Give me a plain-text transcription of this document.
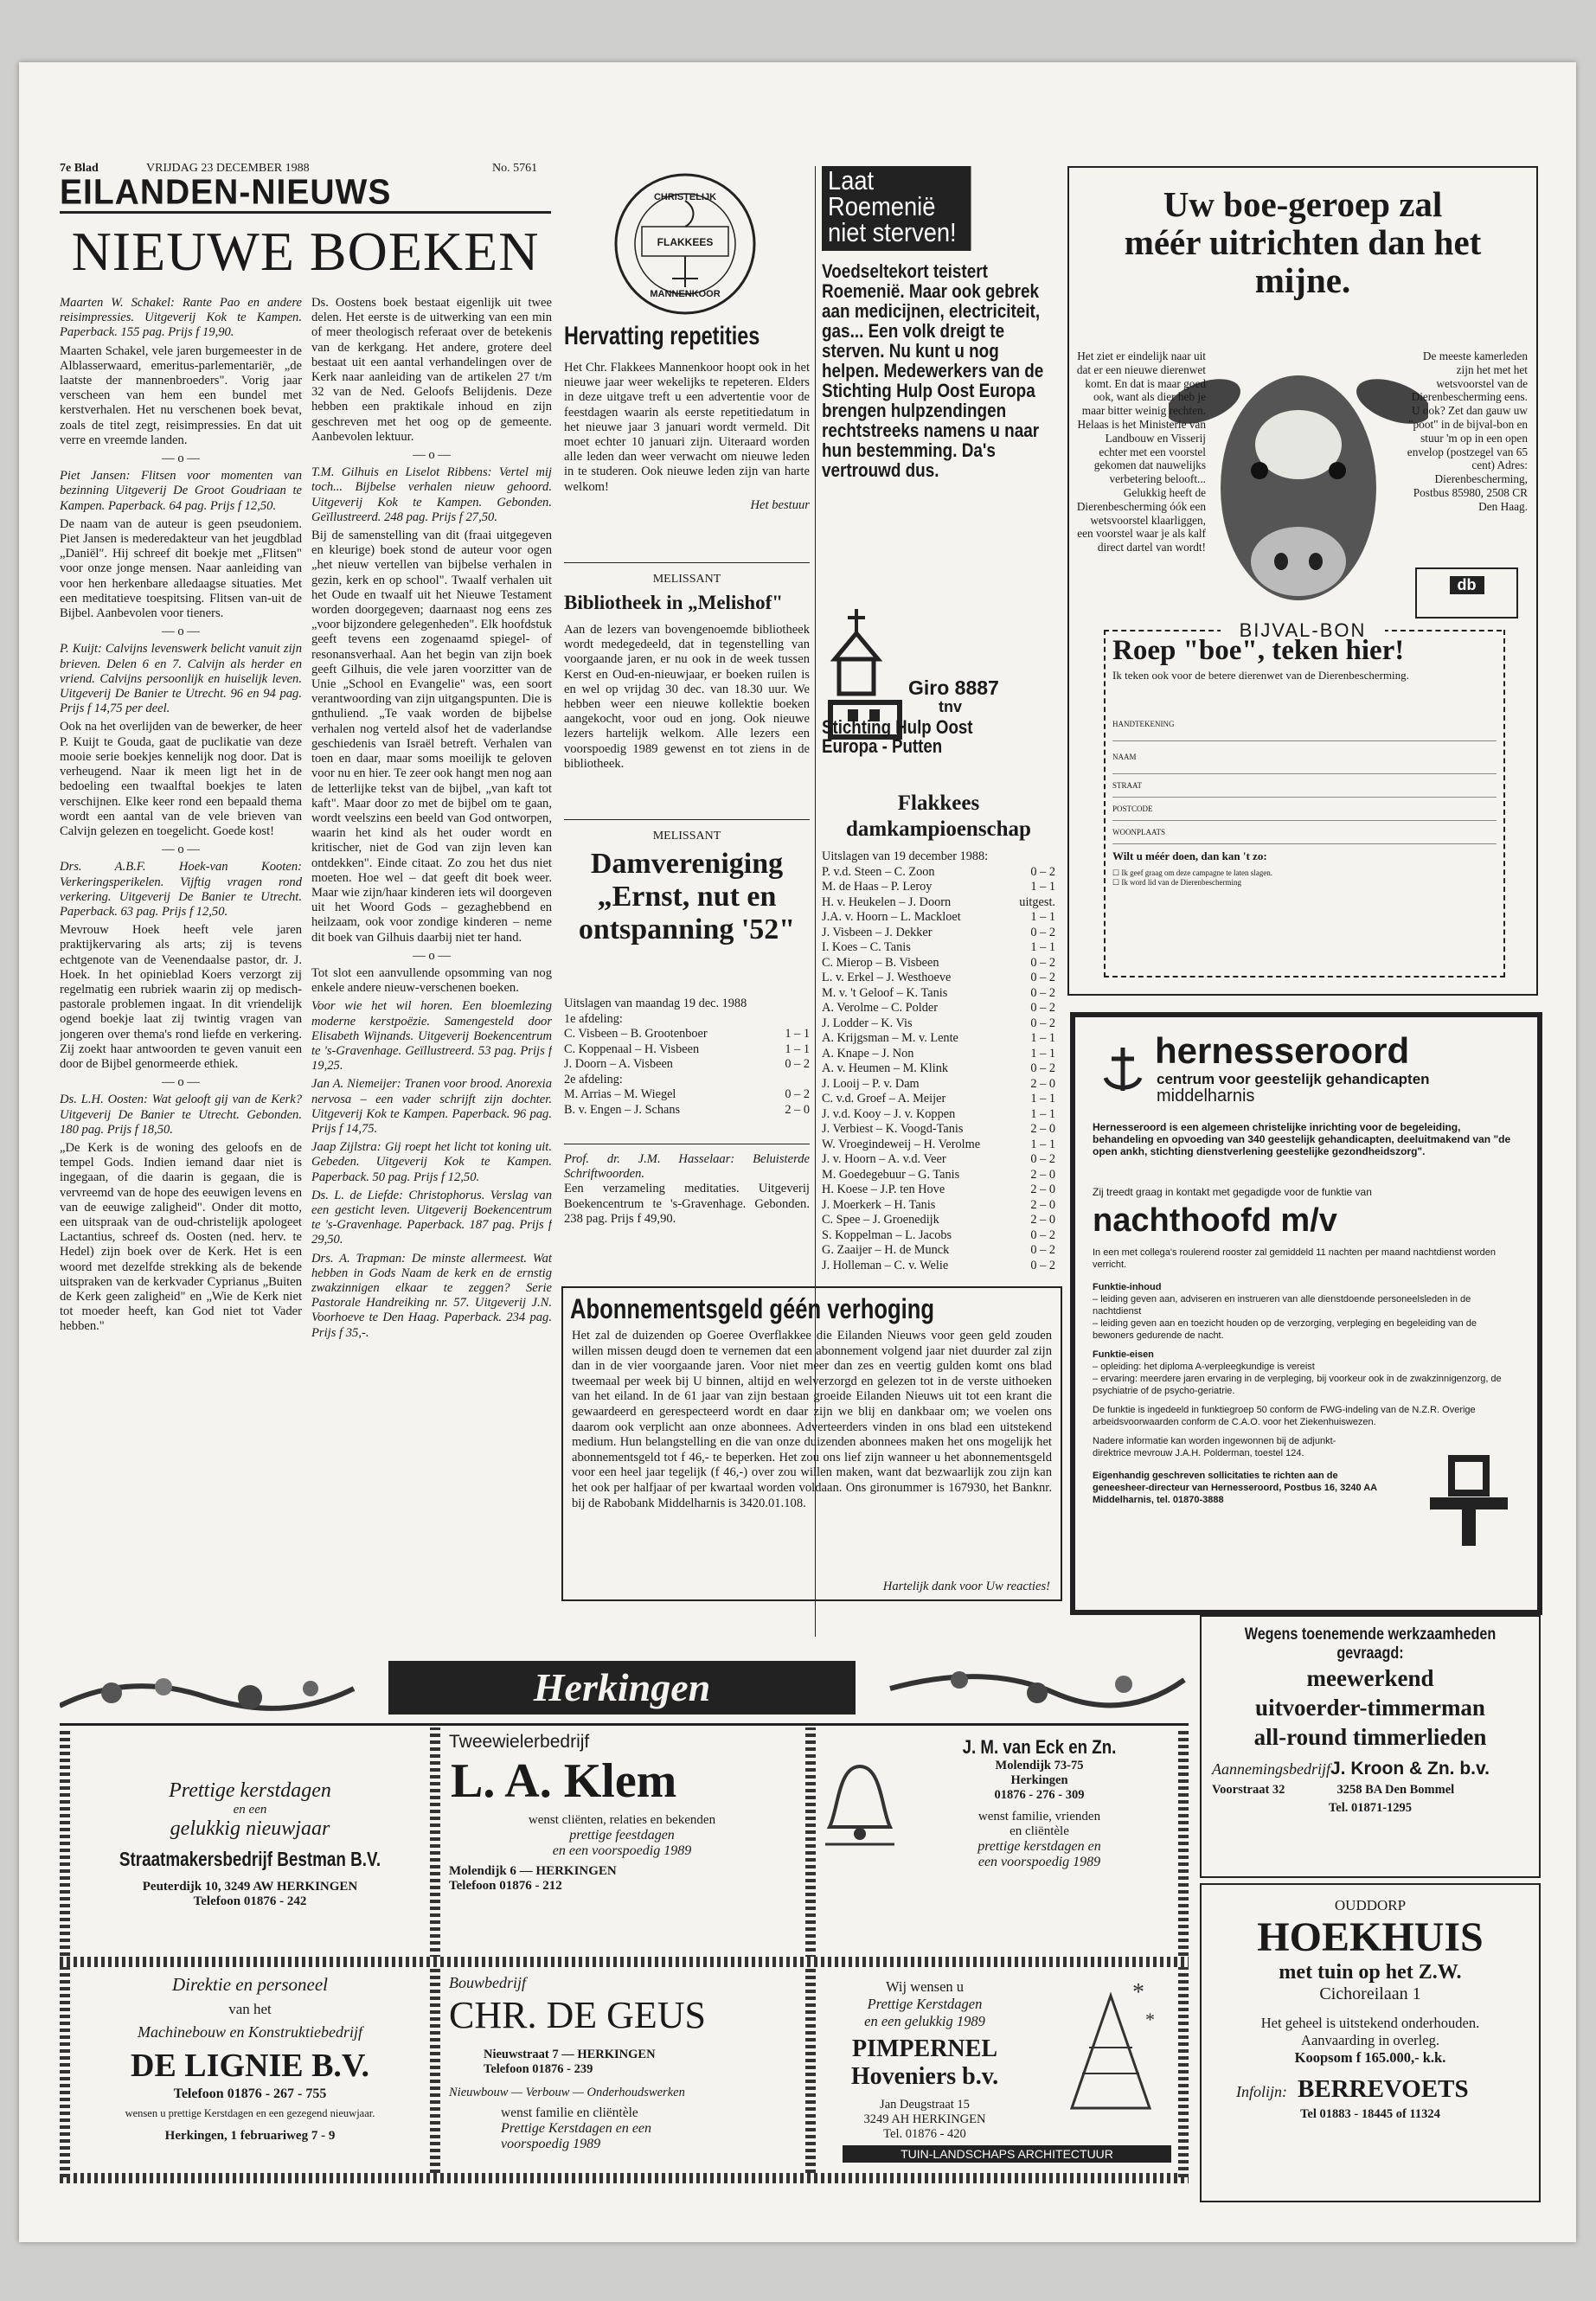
7e Blad	VRIJDAG 23 DECEMBER 1988	No. 5761
EILANDEN-NIEUWS
NIEUWE BOEKEN

Maarten W. Schakel: Rante Pao en andere reisimpressies. Uitgeverij Kok te Kampen. Paperback. 155 pag. Prijs f 19,90.

Maarten Schakel, vele jaren burgemeester in de Alblasserwaard, emeritus-parlementariër, „de laatste der mannenbroeders". Vorig jaar verscheen van hem een bundel met kerstverhalen. Het nu verschenen boek bevat, zoals de titel zegt, reisimpressies. En dat uit verre en vreemde landen.

— o —

Piet Jansen: Flitsen voor momenten van bezinning Uitgeverij De Groot Goudriaan te Kampen. Paperback. 64 pag. Prijs f 12,50.

De naam van de auteur is geen pseudoniem. Piet Jansen is mederedakteur van het jeugdblad „Daniël". Hij schreef dit boekje met „Flitsen" voor onze jonge mensen. Naar aanleiding van voor hen herkenbare alledaagse situaties. Met een meditatieve toespitsing. Flitsen van-uit de Bijbel. Aanbevolen voor tieners.

— o —

P. Kuijt: Calvijns levenswerk belicht vanuit zijn brieven. Delen 6 en 7. Calvijn als herder en vriend. Calvijns persoonlijk en huiselijk leven. Uitgeverij De Banier te Utrecht. 96 en 94 pag. Prijs f 14,75 per deel.

Ook na het overlijden van de bewerker, de heer P. Kuijt te Gouda, gaat de puclikatie van deze mooie serie boekjes kennelijk nog door. Dat is verheugend. Naar ik meen ligt het in de bedoeling een twaalftal boekjes te laten verschijnen. Elke keer rond een bepaald thema wordt een aantal van de vele brieven van Calvijn gelezen en toegelicht. Goede kost!

— o —

Drs. A.B.F. Hoek-van Kooten: Verkeringsperikelen. Vijftig vragen rond verkering. Uitgeverij De Banier te Utrecht. Paperback. 63 pag. Prijs f 12,50.

Mevrouw Hoek heeft vele jaren praktijkervaring als arts; zij is tevens echtgenote van de Veenendaalse pastor, dr. J. Hoek. In het opinieblad Koers verzorgt zij regelmatig een rubriek waarin zij op medisch-pastorale problemen ingaat. In dit vriendelijk ogend boekje laat zij twintig vragen van jongeren over thema's rond liefde en verkering. Zij zoekt haar antwoorden te geven vanuit een door de Bijbel genormeerde ethiek.

— o —

Ds. L.H. Oosten: Wat gelooft gij van de Kerk? Uitgeverij De Banier te Utrecht. Gebonden. 180 pag. Prijs f 18,50.

„De Kerk is de woning des geloofs en de tempel Gods. Indien iemand daar niet is ingegaan, of die daarin is gegaan, die is vervreemd van de hope des eeuwigen levens en van de eeuwige zaligheid". Onder dit motto, een uitspraak van de oud-christelijk apologeet Lactantius, schreef ds. Oosten (ned. herv. te Hedel) zijn boek over de Kerk. Het is een woord met dezelfde strekking als de bekende uitspraken van de kerkvader Cyprianus „Buiten de Kerk geen zaligheid" en „Wie de Kerk niet tot moeder heeft, kan God niet tot Vader hebben."

Ds. Oostens boek bestaat eigenlijk uit twee delen. Het eerste is de uitwerking van een min of meer theologisch referaat over de betekenis van de kerkgang. Het andere, grotere deel bestaat uit een aantal verhandelingen over de Kerk naar aanleiding van de artikelen 27 t/m 32 van de Ned. Geloofs Belijdenis. Deze hebben een praktikale inhoud en zijn geschreven met het oog op de gemeente. Aanbevolen lektuur.

— o —

T.M. Gilhuis en Liselot Ribbens: Vertel mij toch... Bijbelse verhalen nieuw gehoord. Uitgeverij Kok te Kampen. Gebonden. Geïllustreerd. 248 pag. Prijs f 27,50.

Bij de samenstelling van dit (fraai uitgegeven en kleurige) boek stond de auteur voor ogen „het nieuw vertellen van bijbelse verhalen in gezin, kerk en op school". Twaalf verhalen uit het Oude en twaalf uit het Nieuwe Testament worden doorgegeven; daarnaast nog eens zes „voor bijzondere gelegenheden". Elk hoofdstuk geeft tevens een zogenaamd spiegel- of resonansverhaal. Aan het begin van zijn boek geeft Gilhuis, die vele jaren voorzitter van de Unie „School en Evangelie" was, een soort verantwoording van zijn uitgangspunten. Die is gnthuliend. „Te vaak worden de bijbelse verhalen nog verteld alsof het de vaderlandse geschiedenis van Israël betreft. Verhalen van toen en daar, maar soms moeilijk te geloven voor nu en hier. Te zeer ook hangt men nog aan de letterlijke tekst van de bijbel, „van kaft tot kaft". Maar door zo met de bijbel om te gaan, wordt veelszins een beeld van God ontworpen, waarin het kind als het ouder wordt en kritischer, niet de God van zijn leven kan ontdekken". Einde citaat. Zo zou het dus niet moeten. Hoe wel – dat geeft dit boek weer. Maar wie zijn/haar kinderen iets wil doorgeven uit het Woord Gods – gezaghebbend en heilzaam, ook voor zondige kinderen – neme dit boek van Gilhuis daarbij niet ter hand.

— o —

Tot slot een aanvullende opsomming van nog enkele andere nieuw-verschenen boeken.

Voor wie het wil horen. Een bloemlezing moderne kerstpoëzie. Samengesteld door Elisabeth Wijnands. Uitgeverij Boekencentrum te 's-Gravenhage. Geïllustreerd. 53 pag. Prijs f 19,25.

Jan A. Niemeijer: Tranen voor brood. Anorexia nervosa – een vader schrijft zijn dochter. Uitgeverij Kok te Kampen. Paperback. 96 pag. Prijs f 14,75.

Jaap Zijlstra: Gij roept het licht tot koning uit. Gebeden. Uitgeverij Kok te Kampen. Paperback. 50 pag. Prijs f 12,50.

Ds. L. de Liefde: Christophorus. Verslag van een gesticht leven. Uitgeverij Boekencentrum te 's-Gravenhage. Paperback. 187 pag. Prijs f 29,50.

Drs. A. Trapman: De minste allermeest. Wat hebben in Gods Naam de kerk en de ernstig zwakzinnigen elkaar te zeggen? Serie Pastorale Handreiking nr. 57. Uitgeverij J.N. Voorhoeve te Den Haag. Paperback. 234 pag. Prijs f 35,-.

CHRISTELIJK
FLAKKEES
MANNENKOOR
Hervatting repetities

Het Chr. Flakkees Mannenkoor hoopt ook in het nieuwe jaar weer wekelijks te repeteren. Elders in deze uitgave treft u een advertentie voor de feestdagen waarin als eerste repetitiedatum in het nieuwe jaar 3 januari wordt vermeld. Dit moet echter 10 januari zijn. Uiteraard worden alle leden dan weer verwacht om nieuwe leden in te studeren. Ook nieuwe leden zijn van harte welkom!

Het bestuur

MELISSANT
Bibliotheek in „Melishof"
Aan de lezers van bovengenoemde bibliotheek wordt medegedeeld, dat in tegenstelling van voorgaande jaren, er nu ook in de week tussen Kerst en Oud-en-nieuwjaar, er boeken ruilen is en wel op vrijdag 30 dec. van 18.30 uur. We hebben weer een nieuwe kollektie boeken aangekocht, voor oud en jong. Ook nieuwe lezers hartelijk welkom. Alle lezers een voorspoedig 1989 gewenst en tot ziens in de bibliotheek.
MELISSANT
Damvereniging „Ernst, nut en ontspanning '52"
Uitslagen van maandag 19 dec. 1988
1e afdeling:
C. Visbeen – B. Grootenboer	1 – 1
C. Koppenaal – H. Visbeen	1 – 1
J. Doorn – A. Visbeen	0 – 2
2e afdeling:
M. Arrias – M. Wiegel	0 – 2
B. v. Engen – J. Schans	2 – 0

Prof. dr. J.M. Hasselaar: Beluisterde Schriftwoorden.

Een verzameling meditaties. Uitgeverij Boekencentrum te 's-Gravenhage. Gebonden. 238 pag. Prijs f 49,90.

Laat Roemenië niet sterven!
Voedseltekort teistert Roemenië. Maar ook gebrek aan medicijnen, electriciteit, gas... Een volk dreigt te sterven. Nu kunt u nog helpen. Medewerkers van de Stichting Hulp Oost Europa brengen hulpzendingen rechtstreeks namens u naar hun bestemming. Da's vertrouwd dus.
Giro 8887
tnv
Stichting Hulp Oost Europa - Putten
Flakkees damkampioenschap
Uitslagen van 19 december 1988:
P. v.d. Steen – C. Zoon	0 – 2
M. de Haas – P. Leroy	1 – 1
H. v. Heukelen – J. Doorn	uitgest.
J.A. v. Hoorn – L. Mackloet	1 – 1
J. Visbeen – J. Dekker	0 – 2
I. Koes – C. Tanis	1 – 1
C. Mierop – B. Visbeen	0 – 2
L. v. Erkel – J. Westhoeve	0 – 2
M. v. 't Geloof – K. Tanis	0 – 2
A. Verolme – C. Polder	0 – 2
J. Lodder – K. Vis	0 – 2
A. Krijgsman – M. v. Lente	1 – 1
A. Knape – J. Non	1 – 1
A. v. Heumen – M. Klink	0 – 2
J. Looij – P. v. Dam	2 – 0
C. v.d. Groef – A. Meijer	1 – 1
J. v.d. Kooy – J. v. Koppen	1 – 1
J. Verbiest – K. Voogd-Tanis	2 – 0
W. Vroegindeweij – H. Verolme	1 – 1
J. v. Hoorn – A. v.d. Veer	0 – 2
M. Goedegebuur – G. Tanis	2 – 0
H. Koese – J.P. ten Hove	2 – 0
J. Moerkerk – H. Tanis	2 – 0
C. Spee – J. Groenedijk	2 – 0
S. Koppelman – L. Jacobs	0 – 2
G. Zaaijer – H. de Munck	0 – 2
J. Holleman – C. v. Welie	0 – 2
Abonnementsgeld géén verhoging
Het zal de duizenden op Goeree Overflakkee die Eilanden Nieuws voor geen geld zouden willen missen deugd doen te vernemen dat een abonnement volgend jaar niet duurder zal zijn dan in de vier voorgaande jaren. Voor niet meer dan zes en veertig gulden komt ons blad tweemaal per week bij U binnen, altijd en welverzorgd en gelezen tot in de verste uithoeken van het eiland. In de 61 jaar van zijn bestaan groeide Eilanden Nieuws uit tot een krant die gewaardeerd en gerespecteerd wordt en daar zijn we blij en dankbaar om; we voelen ons daarom ook verplicht aan onze abonnees. Adverteerders vinden in ons blad een uitstekend medium. Hun belangstelling en die van onze duizenden abonnees maken het ons mogelijk het abonnementsgeld tot f 46,- te beperken. Het zou ons lief zijn wanneer u het abonnementsgeld voor een heel jaar tegelijk (f 46,-) over zou willen maken, want dat bezwaarlijk zou zijn kan het ook per halfjaar of per kwartaal worden voldaan. Ons gironummer is 167930, het Banknr. bij de Rabobank Middelharnis is 3420.01.108.
Hartelijk dank voor Uw reacties!
Uw boe-geroep zal méér uitrichten dan het mijne.
Het ziet er eindelijk naar uit dat er een nieuwe dierenwet komt. En dat is maar goed ook, want als dier heb je maar bitter weinig rechten. Helaas is het Ministerie van Landbouw en Visserij echter met een voorstel gekomen dat nauwelijks verbetering belooft... Gelukkig heeft de Dierenbescherming óók een wetsvoorstel klaarliggen, een voorstel waar je als kalf direct dartel van wordt!
De meeste kamerleden zijn het met het wetsvoorstel van de Dierenbescherming eens. U ook? Zet dan gauw uw "poot" in de bijval-bon en stuur 'm op in een open envelop (postzegel van 65 cent) Adres: Dierenbescherming, Postbus 85980, 2508 CR Den Haag.
db
BIJVAL-BON
Roep "boe", teken hier!
Ik teken ook voor de betere dierenwet van de Dierenbescherming.
HANDTEKENING
NAAM
STRAAT
POSTCODE
WOONPLAATS
Wilt u méér doen, dan kan 't zo:
☐ Ik geef graag om deze campagne te laten slagen.
☐ Ik word lid van de Dierenbescherming
hernesseroord
centrum voor geestelijk gehandicapten
middelharnis
Hernesseroord is een algemeen christelijke inrichting voor de begeleiding, behandeling en opvoeding van 340 geestelijk gehandicapten, deeluitmakend van "de open ankh, stichting dienstverlening geestelijke gezondheidszorg".
Zij treedt graag in kontakt met gegadigde voor de funktie van
nachthoofd m/v
In een met collega's roulerend rooster zal gemiddeld 11 nachten per maand nachtdienst worden verricht.
Funktie-inhoud
– leiding geven aan, adviseren en instrueren van alle dienstdoende personeelsleden in de nachtdienst
– leiding geven aan en toezicht houden op de verzorging, verpleging en begeleiding van de bewoners gedurende de nacht.
Funktie-eisen
– opleiding: het diploma A-verpleegkundige is vereist
– ervaring: meerdere jaren ervaring in de verpleging, bij voorkeur ook in de zwakzinnigenzorg, de psychiatrie of de psycho-geriatrie.
De funktie is ingedeeld in funktiegroep 50 conform de FWG-indeling van de N.Z.R. Overige arbeidsvoorwaarden conform de C.A.O. voor het Ziekenhuiswezen.
Nadere informatie kan worden ingewonnen bij de adjunkt-direktrice mevrouw J.A.H. Polderman, toestel 124.
Eigenhandig geschreven sollicitaties te richten aan de geneesheer-directeur van Hernesseroord, Postbus 16, 3240 AA Middelharnis, tel. 01870-3888
Herkingen
Prettige kerstdagen
en een
gelukkig nieuwjaar
Straatmakersbedrijf Bestman B.V.
Peuterdijk 10, 3249 AW HERKINGEN
Telefoon 01876 - 242
Tweewielerbedrijf
L. A. Klem
wenst cliënten, relaties en bekenden
prettige feestdagen
en een voorspoedig 1989
Molendijk 6 — HERKINGEN
Telefoon 01876 - 212
J. M. van Eck en Zn.
Molendijk 73-75
Herkingen
01876 - 276 - 309
wenst familie, vrienden
en cliëntèle
prettige kerstdagen en
een voorspoedig 1989
Direktie en personeel
van het
Machinebouw en Konstruktiebedrijf
DE LIGNIE B.V.
Telefoon 01876 - 267 - 755
wensen u prettige Kerstdagen en een gezegend nieuwjaar.
Herkingen, 1 februariweg 7 - 9
Bouwbedrijf
CHR. DE GEUS
Nieuwstraat 7 — HERKINGEN
Telefoon 01876 - 239
Nieuwbouw — Verbouw — Onderhoudswerken
wenst familie en cliëntèle
Prettige Kerstdagen en een
voorspoedig 1989
Wij wensen u
Prettige Kerstdagen
en een gelukkig 1989
PIMPERNEL
Hoveniers b.v.
Jan Deugstraat 15
3249 AH HERKINGEN
Tel. 01876 - 420
*
*
TUIN-LANDSCHAPS ARCHITECTUUR
Wegens toenemende werkzaamheden
gevraagd:
meewerkend
uitvoerder-timmerman
all-round timmerlieden
AannemingsbedrijfJ. Kroon & Zn. b.v.
Voorstraat 32	3258 BA Den Bommel
Tel. 01871-1295
OUDDORP
HOEKHUIS
met tuin op het Z.W.
Cichoreilaan 1
Het geheel is uitstekend onderhouden.
Aanvaarding in overleg.
Koopsom f 165.000,- k.k.
Infolijn: BERREVOETS
Tel 01883 - 18445 of 11324
